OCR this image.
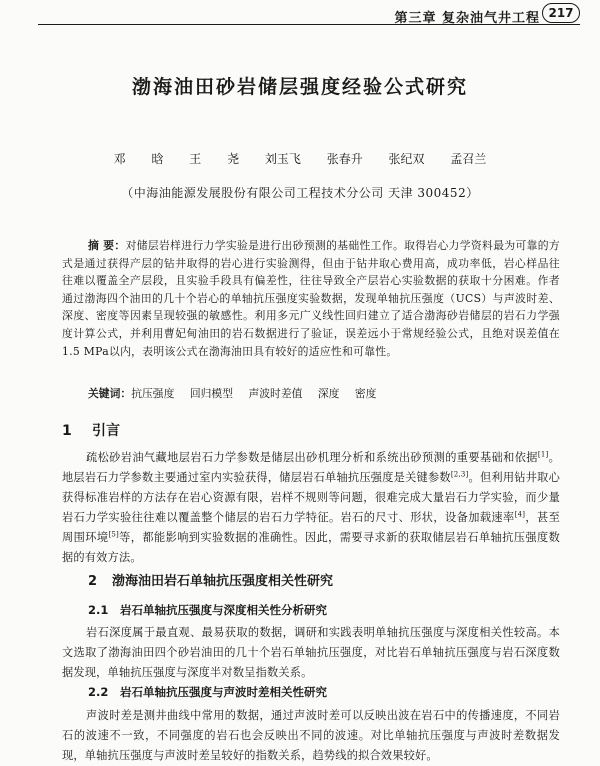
第三章 复杂油气井工程 217
渤海油田砂岩储层强度经验公式研究
邓 晗 王 尧 刘玉飞 张春升 张纪双 孟召兰
（中海油能源发展股份有限公司工程技术分公司 天津 300452）
摘 要：对储层岩样进行力学实验是进行出砂预测的基础性工作。取得岩心力学资料最为可靠的方式是通过获得产层的钻井取得的岩心进行实验测得，但由于钻井取心费用高，成功率低，岩心样品往往难以覆盖全产层段，且实验手段具有偏差性，往往导致全产层岩心实验数据的获取十分困难。作者通过渤海四个油田的几十个岩心的单轴抗压强度实验数据，发现单轴抗压强度（UCS）与声波时差、深度、密度等因素呈现较强的敏感性。利用多元广义线性回归建立了适合渤海砂岩储层的岩石力学强度计算公式，并利用曹妃甸油田的岩石数据进行了验证，误差远小于常规经验公式，且绝对误差值在1.5 MPa以内，表明该公式在渤海油田具有较好的适应性和可靠性。
关键词：抗压强度 回归模型 声波时差值 深度 密度
1 引言
疏松砂岩油气藏地层岩石力学参数是储层出砂机理分析和系统出砂预测的重要基础和依据[1]。地层岩石力学参数主要通过室内实验获得，储层岩石单轴抗压强度是关键参数[2,3]。但利用钻井取心获得标准岩样的方法存在岩心资源有限，岩样不规则等问题，很难完成大量岩石力学实验，而少量岩石力学实验往往难以覆盖整个储层的岩石力学特征。岩石的尺寸、形状，设备加载速率[4]，甚至周围环境[5]等，都能影响到实验数据的准确性。因此，需要寻求新的获取储层岩石单轴抗压强度数据的有效方法。
2 渤海油田岩石单轴抗压强度相关性研究
2.1 岩石单轴抗压强度与深度相关性分析研究
岩石深度属于最直观、最易获取的数据，调研和实践表明单轴抗压强度与深度相关性较高。本文选取了渤海油田四个砂岩油田的几十个岩石单轴抗压强度，对比岩石单轴抗压强度与岩石深度数据发现，单轴抗压强度与深度半对数呈指数关系。
2.2 岩石单轴抗压强度与声波时差相关性研究
声波时差是测井曲线中常用的数据，通过声波时差可以反映出波在岩石中的传播速度，不同岩石的波速不一致，不同强度的岩石也会反映出不同的波速。对比单轴抗压强度与声波时差数据发现，单轴抗压强度与声波时差呈较好的指数关系，趋势线的拟合效果较好。
